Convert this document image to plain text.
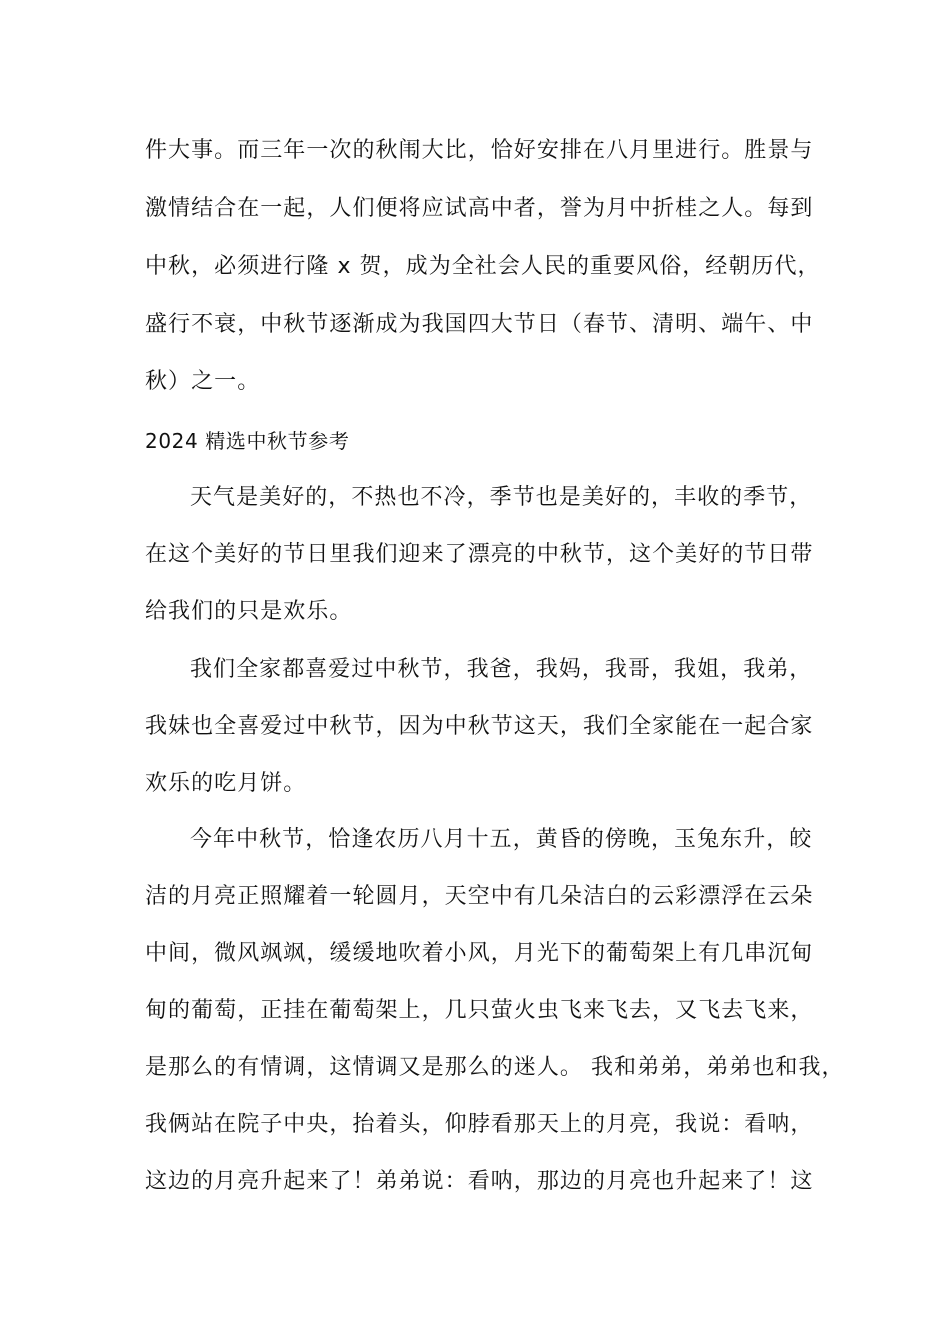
件大事。而三年一次的秋闱大比，恰好安排在八月里进行。胜景与
激情结合在一起，人们便将应试高中者，誉为月中折桂之人。每到
中秋，必须进行隆 x 贺，成为全社会人民的重要风俗，经朝历代，
盛行不衰，中秋节逐渐成为我国四大节日（春节、清明、端午、中
秋）之一。
2024 精选中秋节参考
天气是美好的，不热也不冷，季节也是美好的，丰收的季节，
在这个美好的节日里我们迎来了漂亮的中秋节，这个美好的节日带
给我们的只是欢乐。
我们全家都喜爱过中秋节，我爸，我妈，我哥，我姐，我弟，
我妹也全喜爱过中秋节，因为中秋节这天，我们全家能在一起合家
欢乐的吃月饼。
今年中秋节，恰逢农历八月十五，黄昏的傍晚，玉兔东升，皎
洁的月亮正照耀着一轮圆月，天空中有几朵洁白的云彩漂浮在云朵
中间，微风飒飒，缓缓地吹着小风，月光下的葡萄架上有几串沉甸
甸的葡萄，正挂在葡萄架上，几只萤火虫飞来飞去，又飞去飞来，
是那么的有情调，这情调又是那么的迷人。 我和弟弟，弟弟也和我，
我俩站在院子中央，抬着头，仰脖看那天上的月亮，我说：看呐，
这边的月亮升起来了！弟弟说：看呐，那边的月亮也升起来了！这
